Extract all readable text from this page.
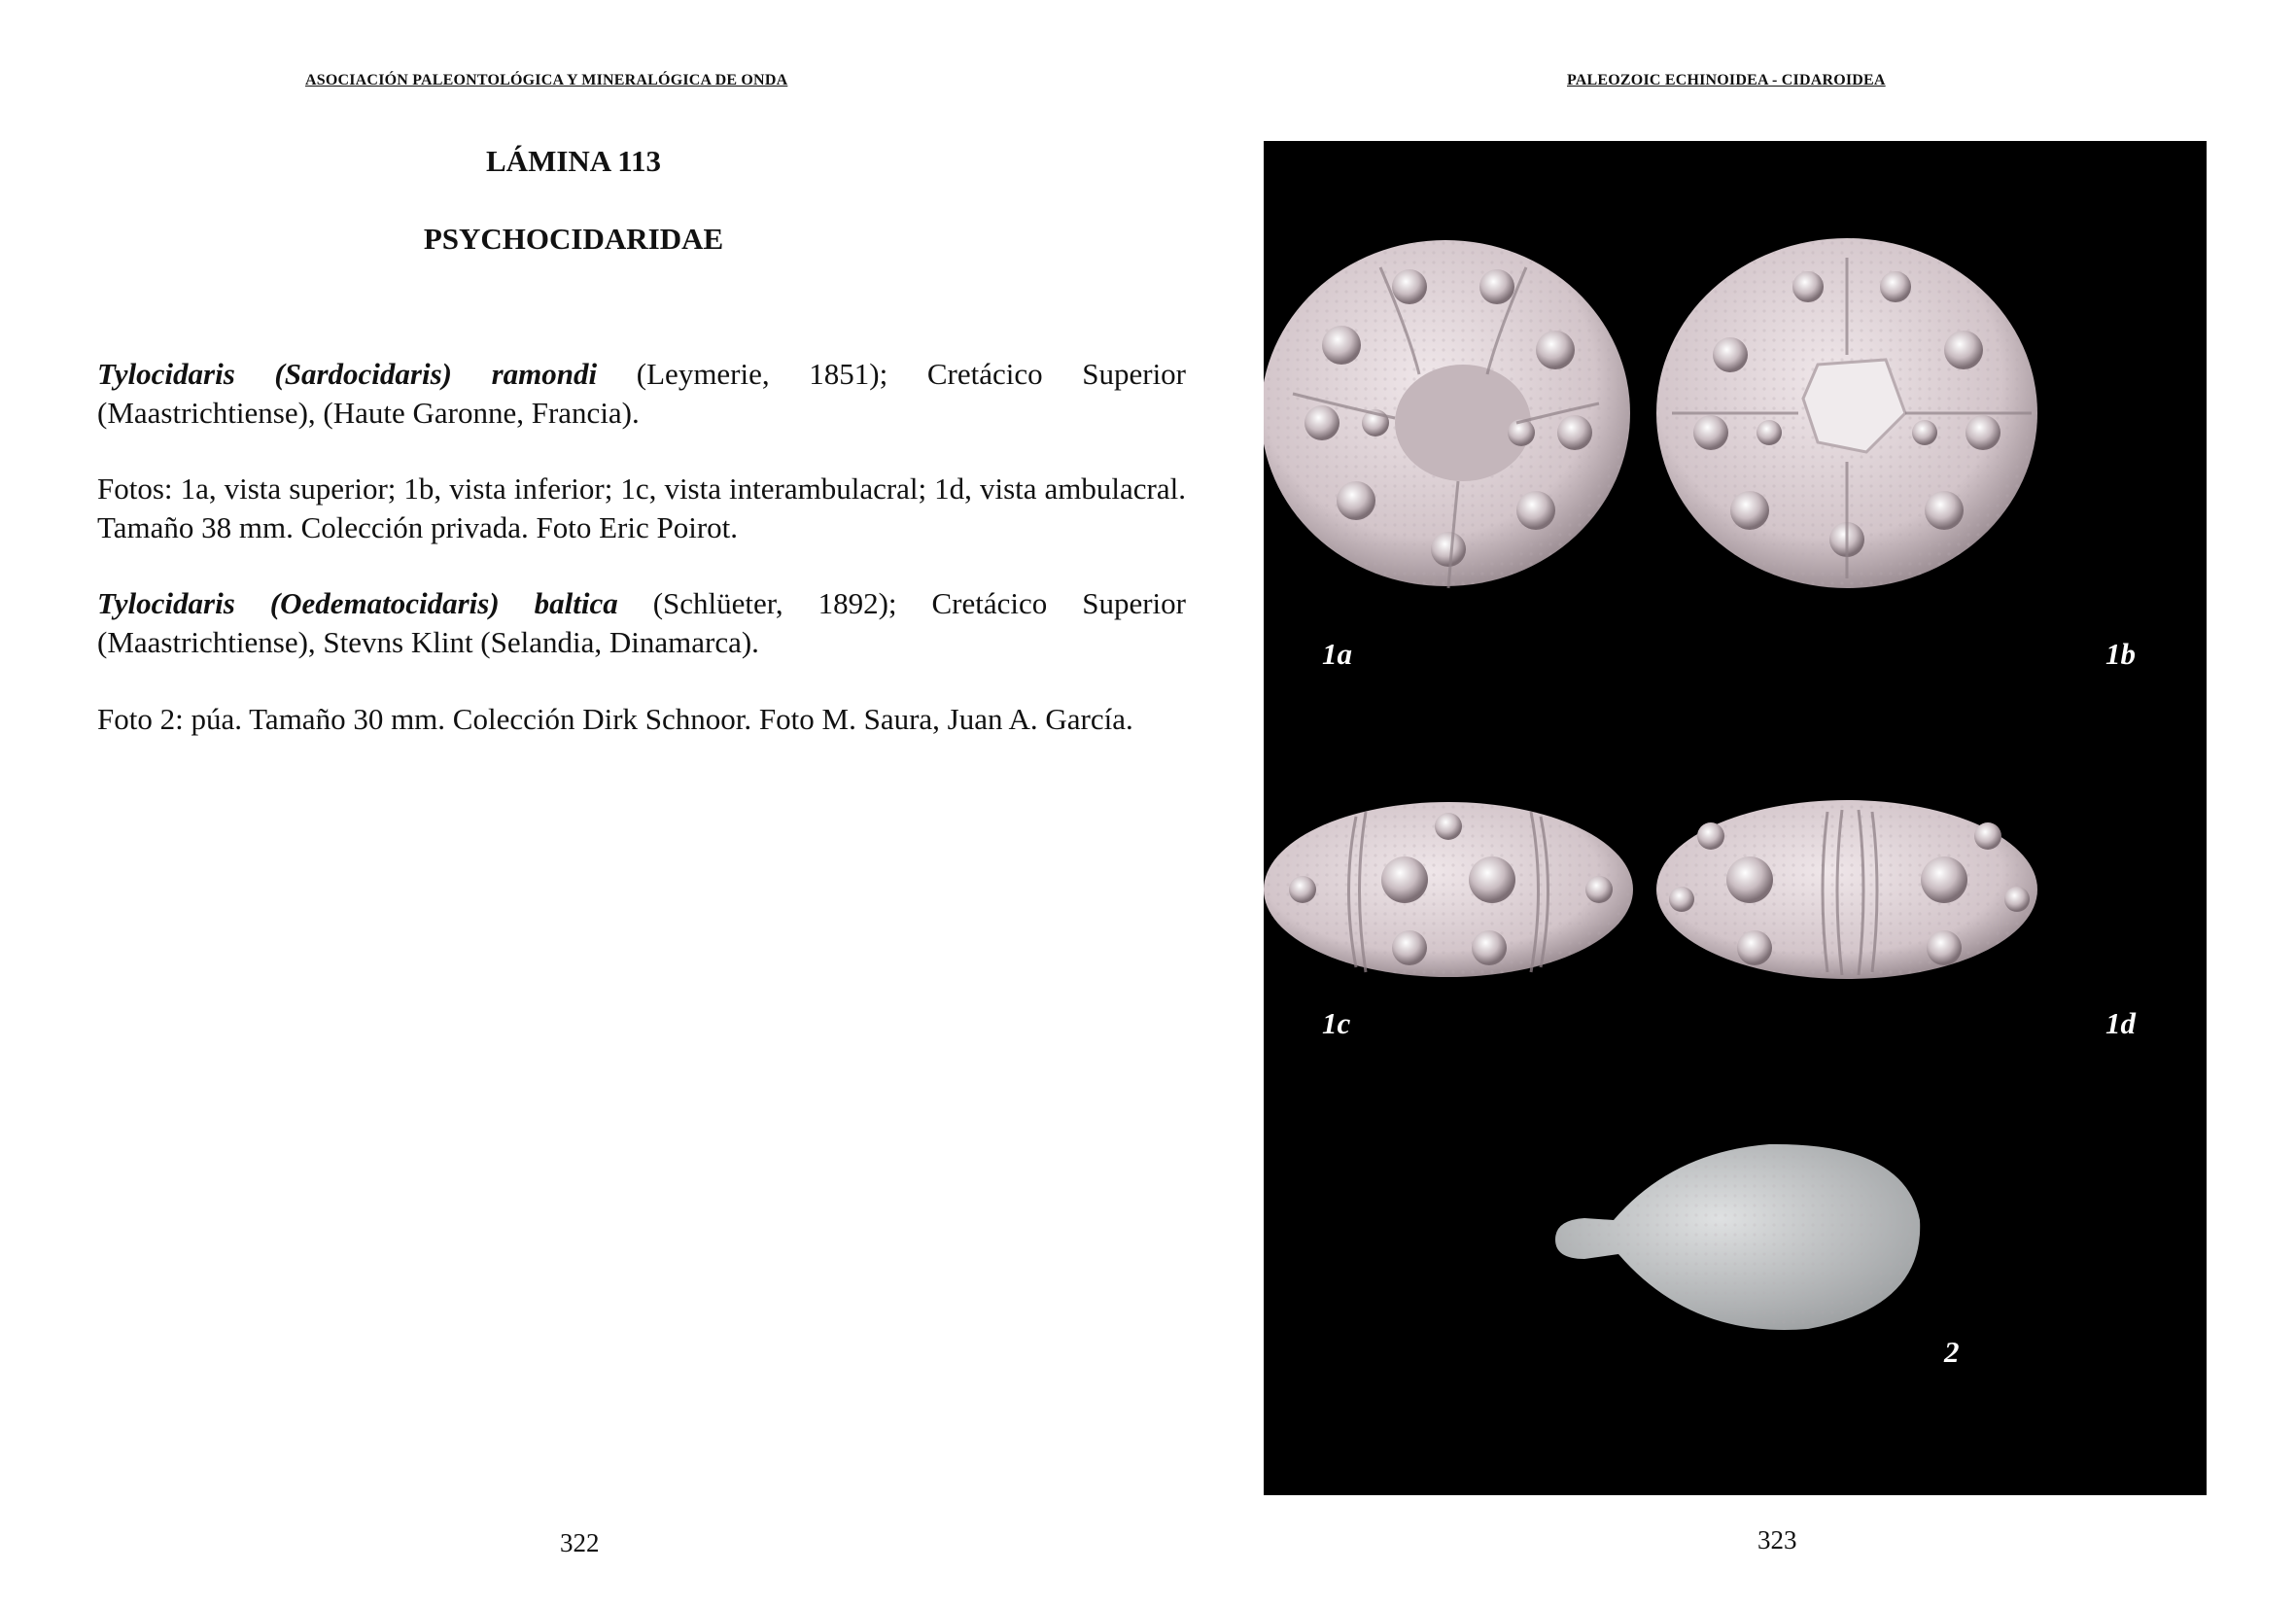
ASOCIACIÓN PALEONTOLÓGICA Y MINERALÓGICA DE ONDA
LÁMINA 113
PSYCHOCIDARIDAE
Tylocidaris (Sardocidaris) ramondi (Leymerie, 1851); Cretácico Superior (Maastrichtiense), (Haute Garonne, Francia).
Fotos: 1a, vista superior; 1b, vista inferior; 1c, vista interambulacral; 1d, vista ambulacral. Tamaño 38 mm. Colección privada. Foto Eric Poirot.
Tylocidaris (Oedematocidaris) baltica (Schlüeter, 1892); Cretácico Superior (Maastrichtiense), Stevns Klint (Selandia, Dinamarca).
Foto 2: púa. Tamaño 30 mm. Colección Dirk Schnoor. Foto M. Saura, Juan A. García.
322
PALEOZOIC ECHINOIDEA - CIDAROIDEA
1a	1b
1c	1d
2
323
